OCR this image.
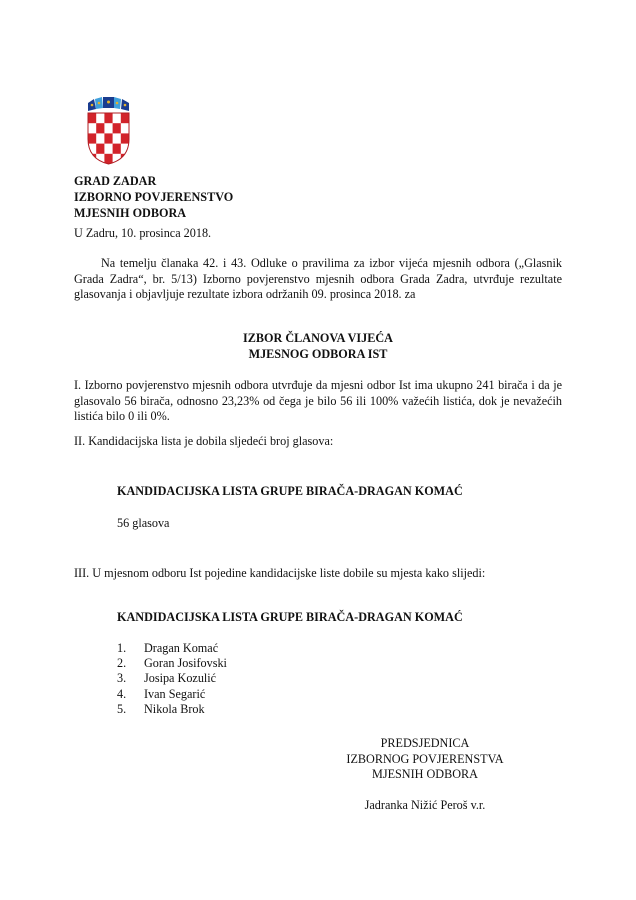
GRAD ZADAR
IZBORNO POVJERENSTVO
MJESNIH ODBORA
U Zadru, 10. prosinca 2018.

Na temelju članaka 42. i 43. Odluke o pravilima za izbor vijeća mjesnih odbora („Glasnik Grada Zadra“, br. 5/13) Izborno povjerenstvo mjesnih odbora Grada Zadra, utvrđuje rezultate glasovanja i objavljuje rezultate izbora održanih 09. prosinca 2018. za

IZBOR ČLANOVA VIJEĆA
MJESNOG ODBORA IST

I. Izborno povjerenstvo mjesnih odbora utvrđuje da mjesni odbor Ist ima ukupno 241 birača i da je glasovalo 56 birača, odnosno 23,23% od čega je bilo 56 ili 100% važećih listića, dok je nevažećih listića bilo 0 ili 0%.

II. Kandidacijska lista je dobila sljedeći broj glasova:
KANDIDACIJSKA LISTA GRUPE BIRAČA-DRAGAN KOMAĆ
56 glasova
III. U mjesnom odboru Ist pojedine kandidacijske liste dobile su mjesta kako slijedi:
KANDIDACIJSKA LISTA GRUPE BIRAČA-DRAGAN KOMAĆ
1.	Dragan Komać
2.	Goran Josifovski
3.	Josipa Kozulić
4.	Ivan Segarić
5.	Nikola Brok
PREDSJEDNICA
IZBORNOG POVJERENSTVA
MJESNIH ODBORA
Jadranka Nižić Peroš v.r.
